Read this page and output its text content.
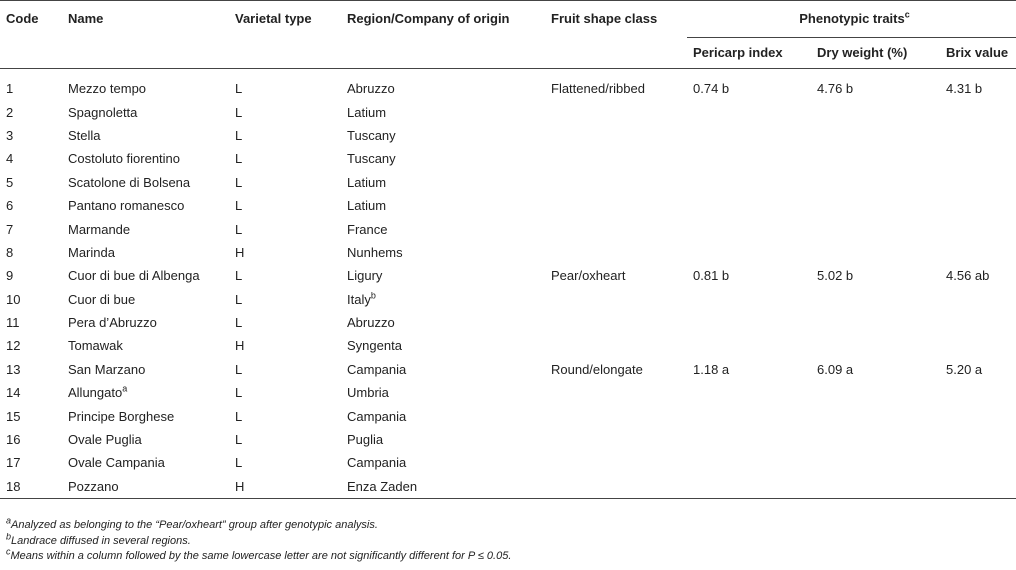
Code	Name	Varietal type	Region/Company of origin	Fruit shape class	Phenotypic traits$^c$
					Pericarp index	Dry weight (%)	Brix value
1	Mezzo tempo	L	Abruzzo	Flattened/ribbed	0.74 b	4.76 b	4.31 b
2	Spagnoletta	L	Latium				
3	Stella	L	Tuscany				
4	Costoluto fiorentino	L	Tuscany				
5	Scatolone di Bolsena	L	Latium				
6	Pantano romanesco	L	Latium				
7	Marmande	L	France				
8	Marinda	H	Nunhems				
9	Cuor di bue di Albenga	L	Ligury	Pear/oxheart	0.81 b	5.02 b	4.56 ab
10	Cuor di bue	L	Italy$^b$				
11	Pera d’Abruzzo	L	Abruzzo				
12	Tomawak	H	Syngenta				
13	San Marzano	L	Campania	Round/elongate	1.18 a	6.09 a	5.20 a
14	Allungato$^a$	L	Umbria				
15	Principe Borghese	L	Campania				
16	Ovale Puglia	L	Puglia				
17	Ovale Campania	L	Campania				
18	Pozzano	H	Enza Zaden				
$^a$Analyzed as belonging to the “Pear/oxheart” group after genotypic analysis.
$^b$Landrace diffused in several regions.
$^c$Means within a column followed by the same lowercase letter are not significantly different for P ≤ 0.05.
